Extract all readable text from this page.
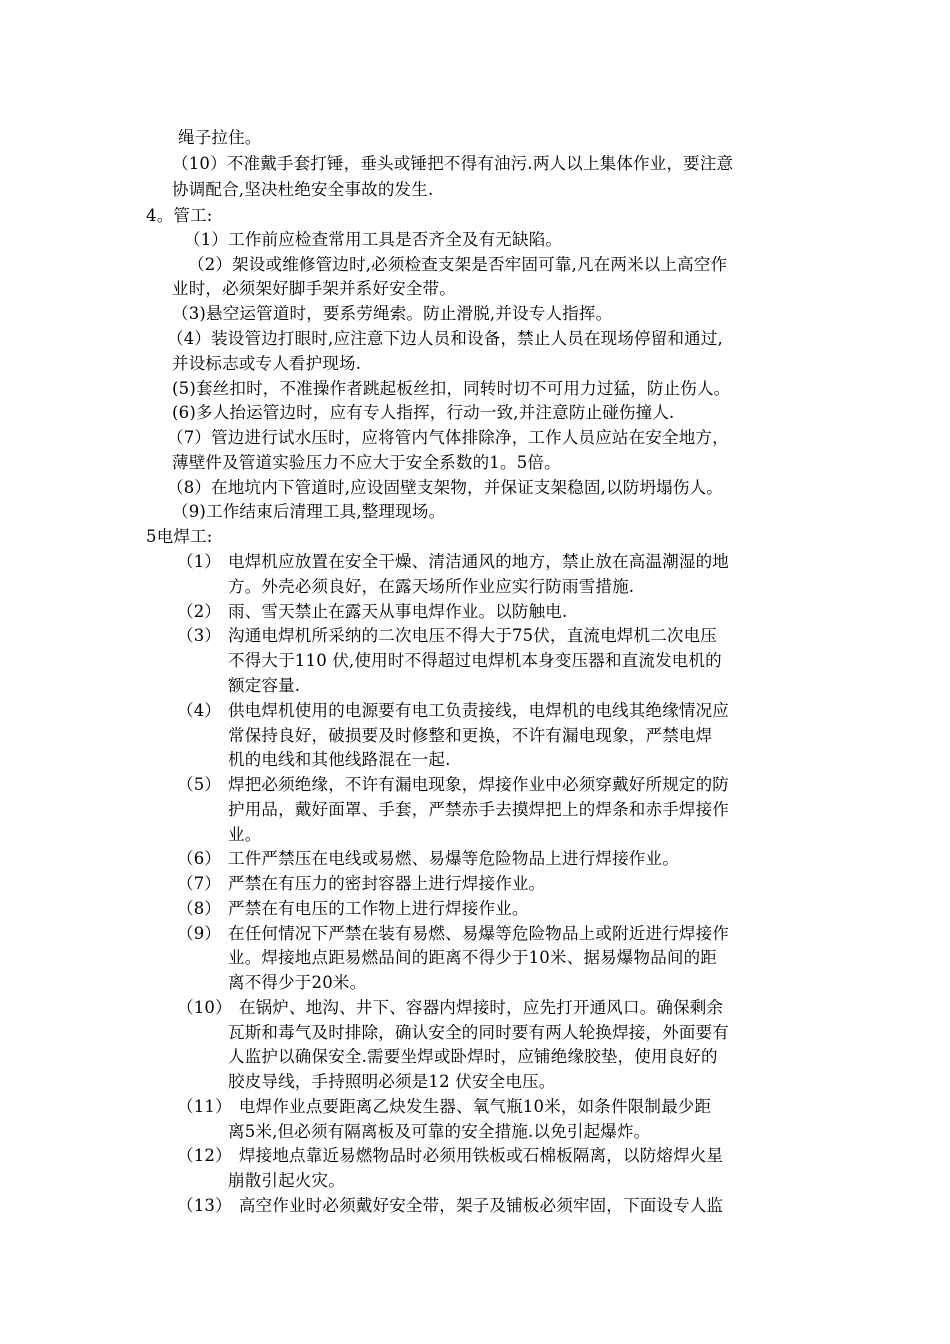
绳子拉住。
（10）不准戴手套打锤，垂头或锤把不得有油污.两人以上集体作业，要注意
协调配合,坚决杜绝安全事故的发生.
4。管工:
（1）工作前应检查常用工具是否齐全及有无缺陷。
（2）架设或维修管边时,必须检查支架是否牢固可靠,凡在两米以上高空作
业时，必须架好脚手架并系好安全带。
（3)悬空运管道时，要系劳绳索。防止滑脱,并设专人指挥。
（4）装设管边打眼时,应注意下边人员和设备，禁止人员在现场停留和通过,
并设标志或专人看护现场.
(5)套丝扣时，不准操作者跳起板丝扣，同转时切不可用力过猛，防止伤人。
(6)多人抬运管边时，应有专人指挥，行动一致,并注意防止碰伤撞人.
（7）管边进行试水压时，应将管内气体排除净，工作人员应站在安全地方，
薄壁件及管道实验压力不应大于安全系数的1。5倍。
（8）在地坑内下管道时,应设固壁支架物，并保证支架稳固,以防坍塌伤人。
（9)工作结束后清理工具,整理现场。
5电焊工:
（1） 电焊机应放置在安全干燥、清洁通风的地方，禁止放在高温潮湿的地
方。外壳必须良好，在露天场所作业应实行防雨雪措施.
（2） 雨、雪天禁止在露天从事电焊作业。以防触电.
（3） 沟通电焊机所采纳的二次电压不得大于75伏，直流电焊机二次电压
不得大于110 伏,使用时不得超过电焊机本身变压器和直流发电机的
额定容量.
（4） 供电焊机使用的电源要有电工负责接线，电焊机的电线其绝缘情况应
常保持良好，破损要及时修整和更换，不许有漏电现象，严禁电焊
机的电线和其他线路混在一起.
（5） 焊把必须绝缘，不许有漏电现象，焊接作业中必须穿戴好所规定的防
护用品，戴好面罩、手套，严禁赤手去摸焊把上的焊条和赤手焊接作
业。
（6） 工件严禁压在电线或易燃、易爆等危险物品上进行焊接作业。
（7） 严禁在有压力的密封容器上进行焊接作业。
（8） 严禁在有电压的工作物上进行焊接作业。
（9） 在任何情况下严禁在装有易燃、易爆等危险物品上或附近进行焊接作
业。焊接地点距易燃品间的距离不得少于10米、据易爆物品间的距
离不得少于20米。
（10）
在锅炉、地沟、井下、容器内焊接时，应先打开通风口。确保剩余
瓦斯和毒气及时排除，确认安全的同时要有两人轮换焊接，外面要有
人监护以确保安全.需要坐焊或卧焊时，应铺绝缘胶垫，使用良好的
胶皮导线，手持照明必须是12 伏安全电压。
（11）
电焊作业点要距离乙炔发生器、氧气瓶10米，如条件限制最少距
离5米,但必须有隔离板及可靠的安全措施.以免引起爆炸。
（12）
焊接地点靠近易燃物品时必须用铁板或石棉板隔离，以防熔焊火星
崩散引起火灾。
（13）
高空作业时必须戴好安全带，架子及铺板必须牢固，下面设专人监
